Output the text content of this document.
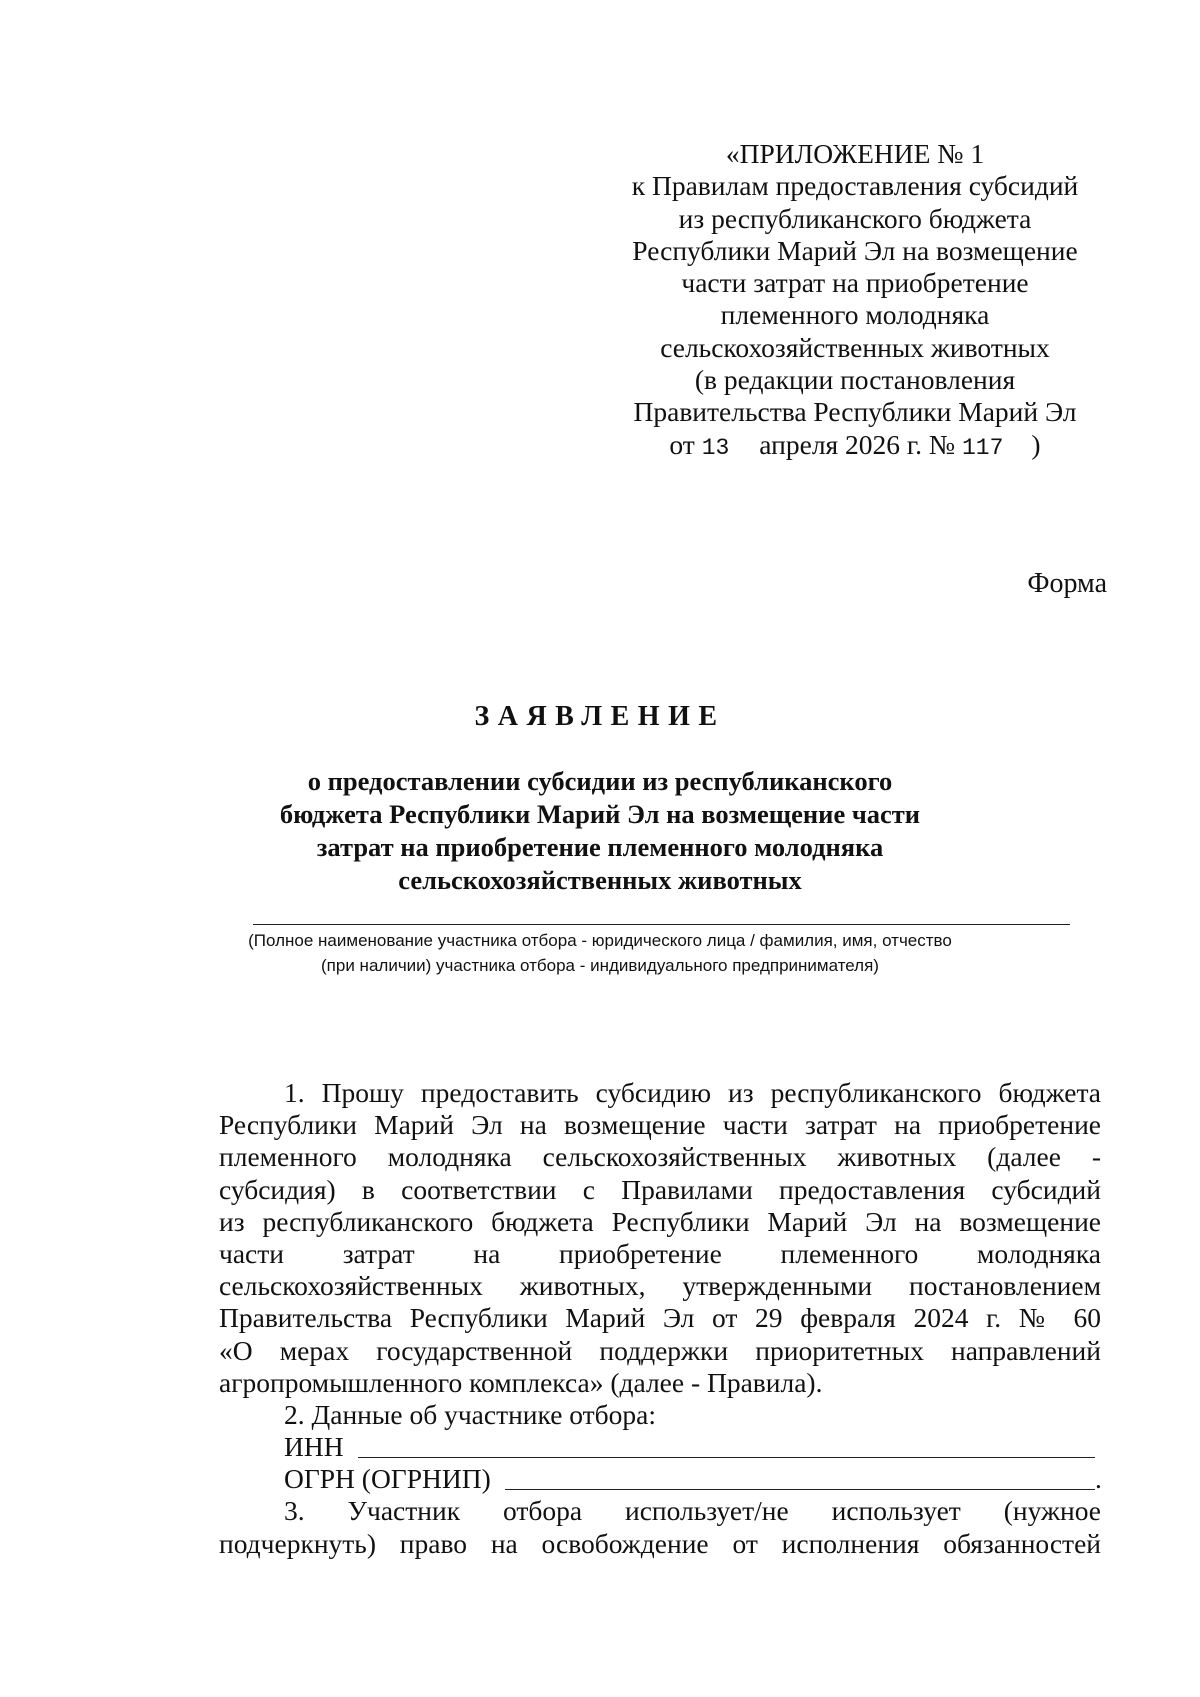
«ПРИЛОЖЕНИЕ № 1
к Правилам предоставления субсидий
из республиканского бюджета
Республики Марий Эл на возмещение
части затрат на приобретение
племенного молодняка
сельскохозяйственных животных
(в редакции постановления
Правительства Республики Марий Эл
от 13 апреля 2026 г. № 117 )
Форма
ЗАЯВЛЕНИЕ
о предоставлении субсидии из республиканского
бюджета Республики Марий Эл на возмещение части
затрат на приобретение племенного молодняка
сельскохозяйственных животных
(Полное наименование участника отбора - юридического лица / фамилия, имя, отчество
(при наличии) участника отбора - индивидуального предпринимателя)
1. Прошу предоставить субсидию из республиканского бюджета
Республики Марий Эл на возмещение части затрат на приобретение
племенного молодняка сельскохозяйственных животных (далее -
субсидия) в соответствии с Правилами предоставления субсидий
из республиканского бюджета Республики Марий Эл на возмещение
части затрат на приобретение племенного молодняка
сельскохозяйственных животных, утвержденными постановлением
Правительства Республики Марий Эл от 29 февраля 2024 г. № 60
«О мерах государственной поддержки приоритетных направлений
агропромышленного комплекса» (далее - Правила).
2. Данные об участнике отбора:
ИНН
ОГРН (ОГРНИП)	.
3. Участник отбора использует/не использует (нужное
подчеркнуть) право на освобождение от исполнения обязанностей
